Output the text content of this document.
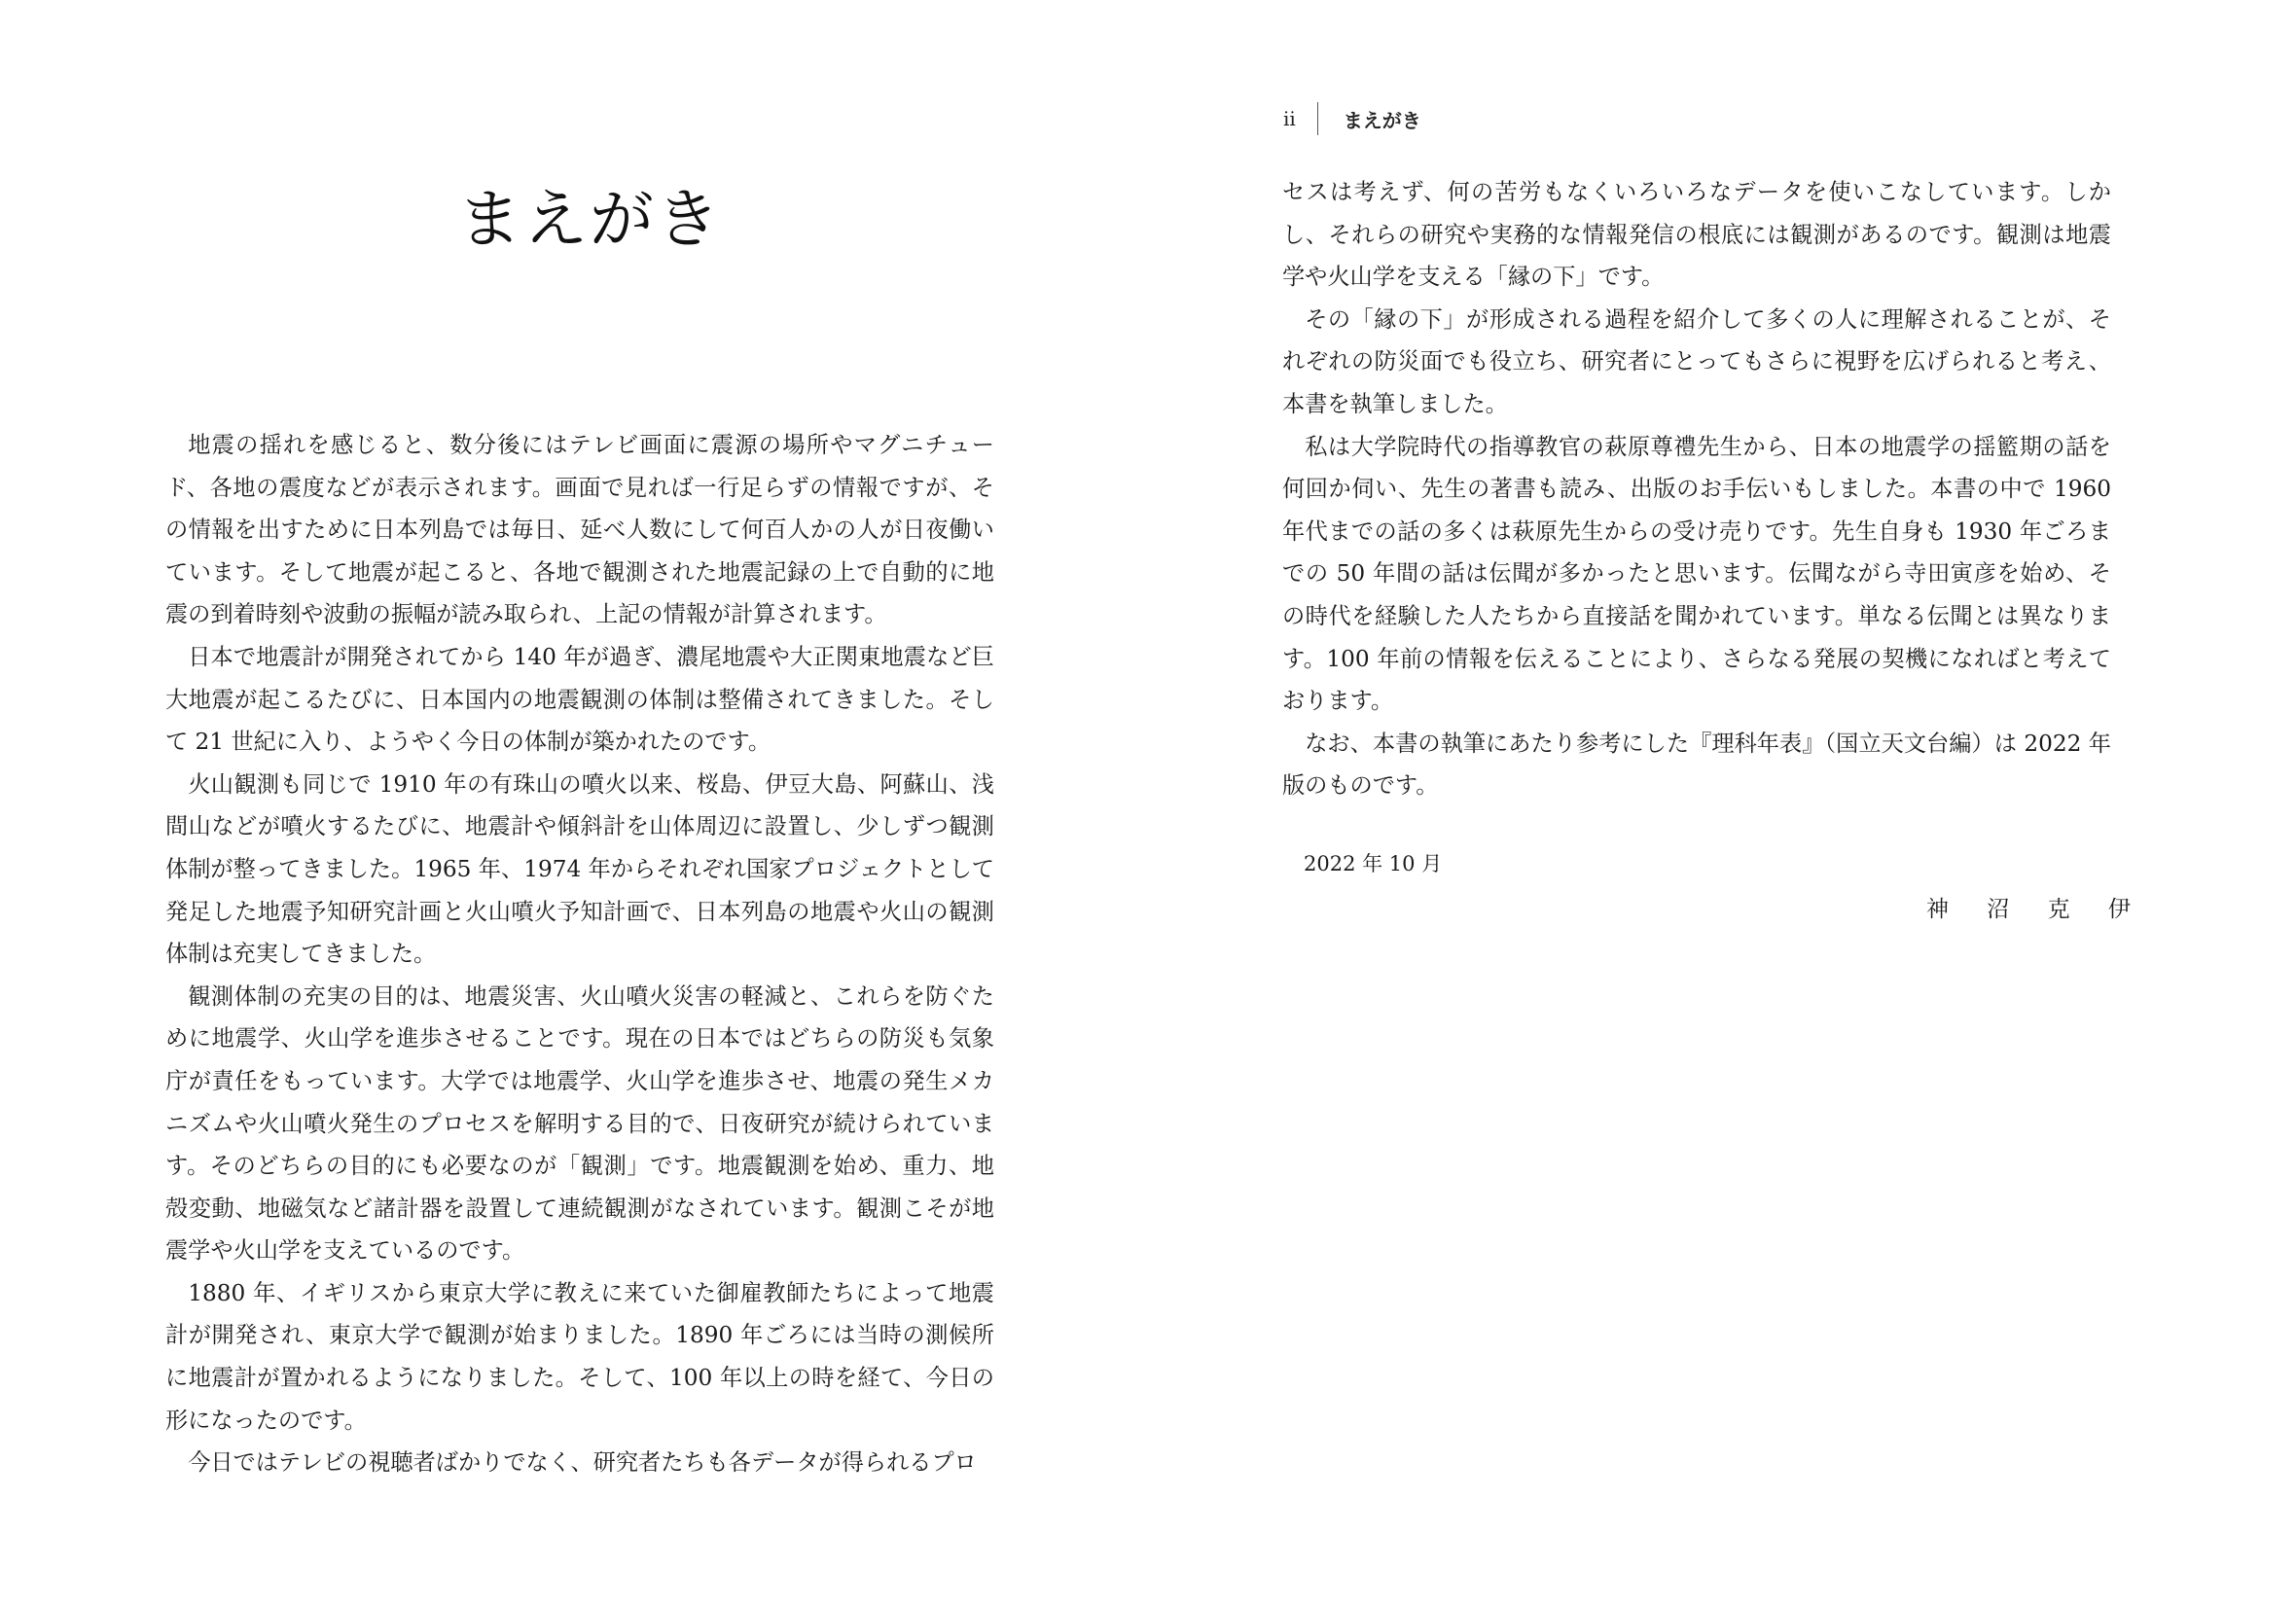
まえがき

地震の揺れを感じると、数分後にはテレビ画面に震源の場所やマグニチュード、各地の震度などが表示されます。画面で見れば一行足らずの情報ですが、その情報を出すために日本列島では毎日、延べ人数にして何百人かの人が日夜働いています。そして地震が起こると、各地で観測された地震記録の上で自動的に地震の到着時刻や波動の振幅が読み取られ、上記の情報が計算されます。

日本で地震計が開発されてから 140 年が過ぎ、濃尾地震や大正関東地震など巨大地震が起こるたびに、日本国内の地震観測の体制は整備されてきました。そして 21 世紀に入り、ようやく今日の体制が築かれたのです。

火山観測も同じで 1910 年の有珠山の噴火以来、桜島、伊豆大島、阿蘇山、浅間山などが噴火するたびに、地震計や傾斜計を山体周辺に設置し、少しずつ観測体制が整ってきました。1965 年、1974 年からそれぞれ国家プロジェクトとして発足した地震予知研究計画と火山噴火予知計画で、日本列島の地震や火山の観測体制は充実してきました。

観測体制の充実の目的は、地震災害、火山噴火災害の軽減と、これらを防ぐために地震学、火山学を進歩させることです。現在の日本ではどちらの防災も気象庁が責任をもっています。大学では地震学、火山学を進歩させ、地震の発生メカニズムや火山噴火発生のプロセスを解明する目的で、日夜研究が続けられています。そのどちらの目的にも必要なのが「観測」です。地震観測を始め、重力、地殻変動、地磁気など諸計器を設置して連続観測がなされています。観測こそが地震学や火山学を支えているのです。

1880 年、イギリスから東京大学に教えに来ていた御雇教師たちによって地震計が開発され、東京大学で観測が始まりました。1890 年ごろには当時の測候所に地震計が置かれるようになりました。そして、100 年以上の時を経て、今日の形になったのです。

今日ではテレビの視聴者ばかりでなく、研究者たちも各データが得られるプロ

ii	まえがき

セスは考えず、何の苦労もなくいろいろなデータを使いこなしています。しかし、それらの研究や実務的な情報発信の根底には観測があるのです。観測は地震学や火山学を支える「縁の下」です。

その「縁の下」が形成される過程を紹介して多くの人に理解されることが、それぞれの防災面でも役立ち、研究者にとってもさらに視野を広げられると考え、本書を執筆しました。

私は大学院時代の指導教官の萩原尊禮先生から、日本の地震学の揺籃期の話を何回か伺い、先生の著書も読み、出版のお手伝いもしました。本書の中で 1960 年代までの話の多くは萩原先生からの受け売りです。先生自身も 1930 年ごろまでの 50 年間の話は伝聞が多かったと思います。伝聞ながら寺田寅彦を始め、その時代を経験した人たちから直接話を聞かれています。単なる伝聞とは異なります。100 年前の情報を伝えることにより、さらなる発展の契機になればと考えております。

なお、本書の執筆にあたり参考にした『理科年表』（国立天文台編）は 2022 年版のものです。

2022 年 10 月
神 沼 克 伊
